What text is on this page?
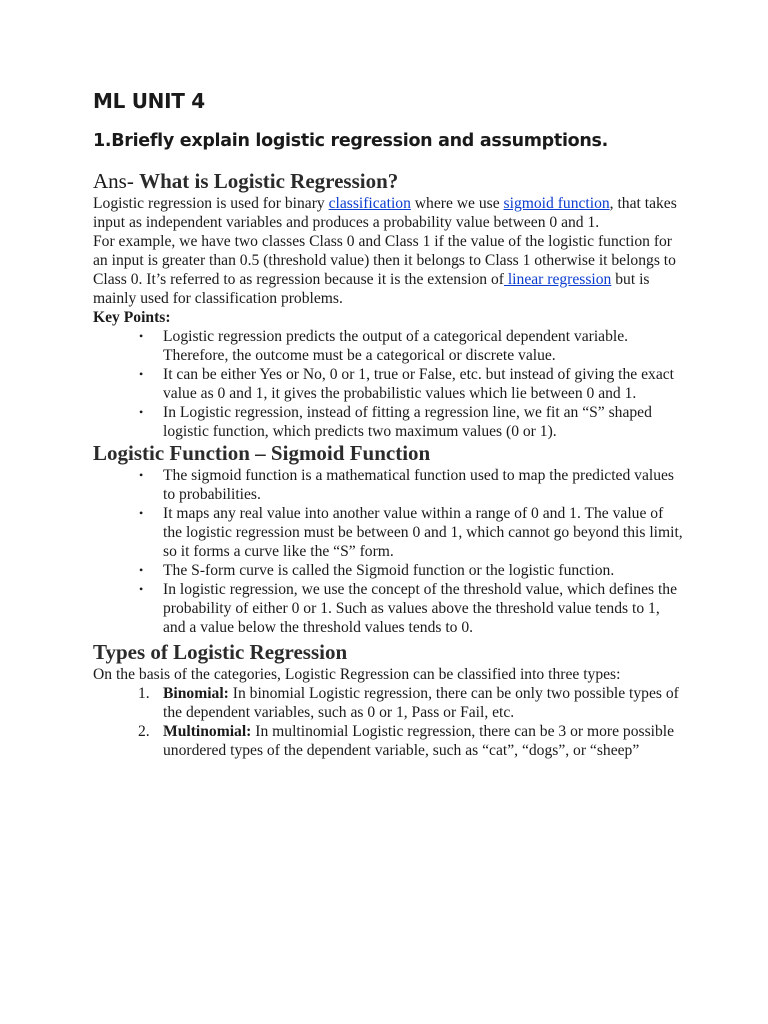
ML UNIT 4
1.Briefly explain logistic regression and assumptions.
Ans- What is Logistic Regression?

Logistic regression is used for binary classification where we use sigmoid function, that takes input as independent variables and produces a probability value between 0 and 1.

For example, we have two classes Class 0 and Class 1 if the value of the logistic function for an input is greater than 0.5 (threshold value) then it belongs to Class 1 otherwise it belongs to Class 0. It’s referred to as regression because it is the extension of linear regression but is mainly used for classification problems.

Key Points:

• Logistic regression predicts the output of a categorical dependent variable. Therefore, the outcome must be a categorical or discrete value.
• It can be either Yes or No, 0 or 1, true or False, etc. but instead of giving the exact value as 0 and 1, it gives the probabilistic values which lie between 0 and 1.
• In Logistic regression, instead of fitting a regression line, we fit an “S” shaped logistic function, which predicts two maximum values (0 or 1).
Logistic Function – Sigmoid Function
• The sigmoid function is a mathematical function used to map the predicted values to probabilities.
• It maps any real value into another value within a range of 0 and 1. The value of the logistic regression must be between 0 and 1, which cannot go beyond this limit, so it forms a curve like the “S” form.
• The S-form curve is called the Sigmoid function or the logistic function.
• In logistic regression, we use the concept of the threshold value, which defines the probability of either 0 or 1. Such as values above the threshold value tends to 1, and a value below the threshold values tends to 0.
Types of Logistic Regression

On the basis of the categories, Logistic Regression can be classified into three types:

1. Binomial: In binomial Logistic regression, there can be only two possible types of the dependent variables, such as 0 or 1, Pass or Fail, etc.
2. Multinomial: In multinomial Logistic regression, there can be 3 or more possible unordered types of the dependent variable, such as “cat”, “dogs”, or “sheep”
